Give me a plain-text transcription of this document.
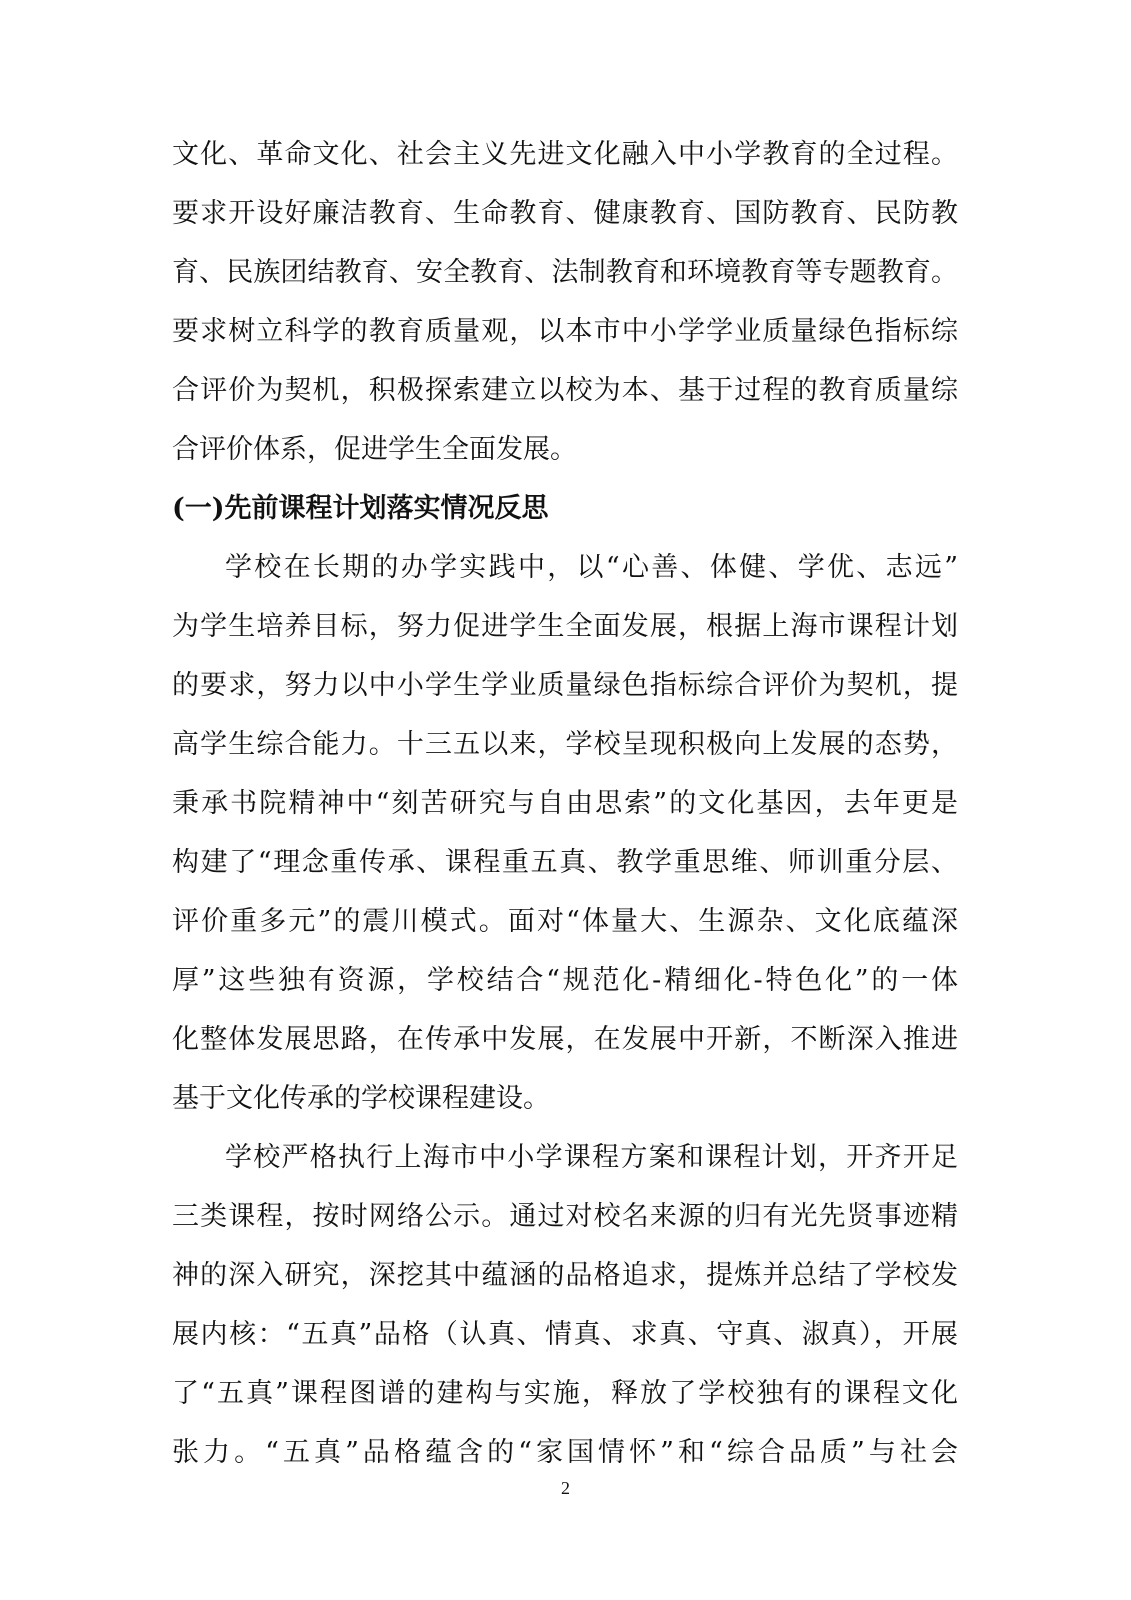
文化、革命文化、社会主义先进文化融入中小学教育的全过程。
要求开设好廉洁教育、生命教育、健康教育、国防教育、民防教
育、民族团结教育、安全教育、法制教育和环境教育等专题教育。
要求树立科学的教育质量观，以本市中小学学业质量绿色指标综
合评价为契机，积极探索建立以校为本、基于过程的教育质量综
合评价体系，促进学生全面发展。
(一)先前课程计划落实情况反思
学校在长期的办学实践中，以“心善、体健、学优、志远”
为学生培养目标，努力促进学生全面发展，根据上海市课程计划
的要求，努力以中小学生学业质量绿色指标综合评价为契机，提
高学生综合能力。十三五以来，学校呈现积极向上发展的态势，
秉承书院精神中“刻苦研究与自由思索”的文化基因，去年更是
构建了“理念重传承、课程重五真、教学重思维、师训重分层、
评价重多元”的震川模式。面对“体量大、生源杂、文化底蕴深
厚”这些独有资源，学校结合“规范化-精细化-特色化”的一体
化整体发展思路，在传承中发展，在发展中开新，不断深入推进
基于文化传承的学校课程建设。
学校严格执行上海市中小学课程方案和课程计划，开齐开足
三类课程，按时网络公示。通过对校名来源的归有光先贤事迹精
神的深入研究，深挖其中蕴涵的品格追求，提炼并总结了学校发
展内核：“五真”品格（认真、情真、求真、守真、淑真），开展
了“五真”课程图谱的建构与实施，释放了学校独有的课程文化
张力。“五真”品格蕴含的“家国情怀”和“综合品质”与社会
2
